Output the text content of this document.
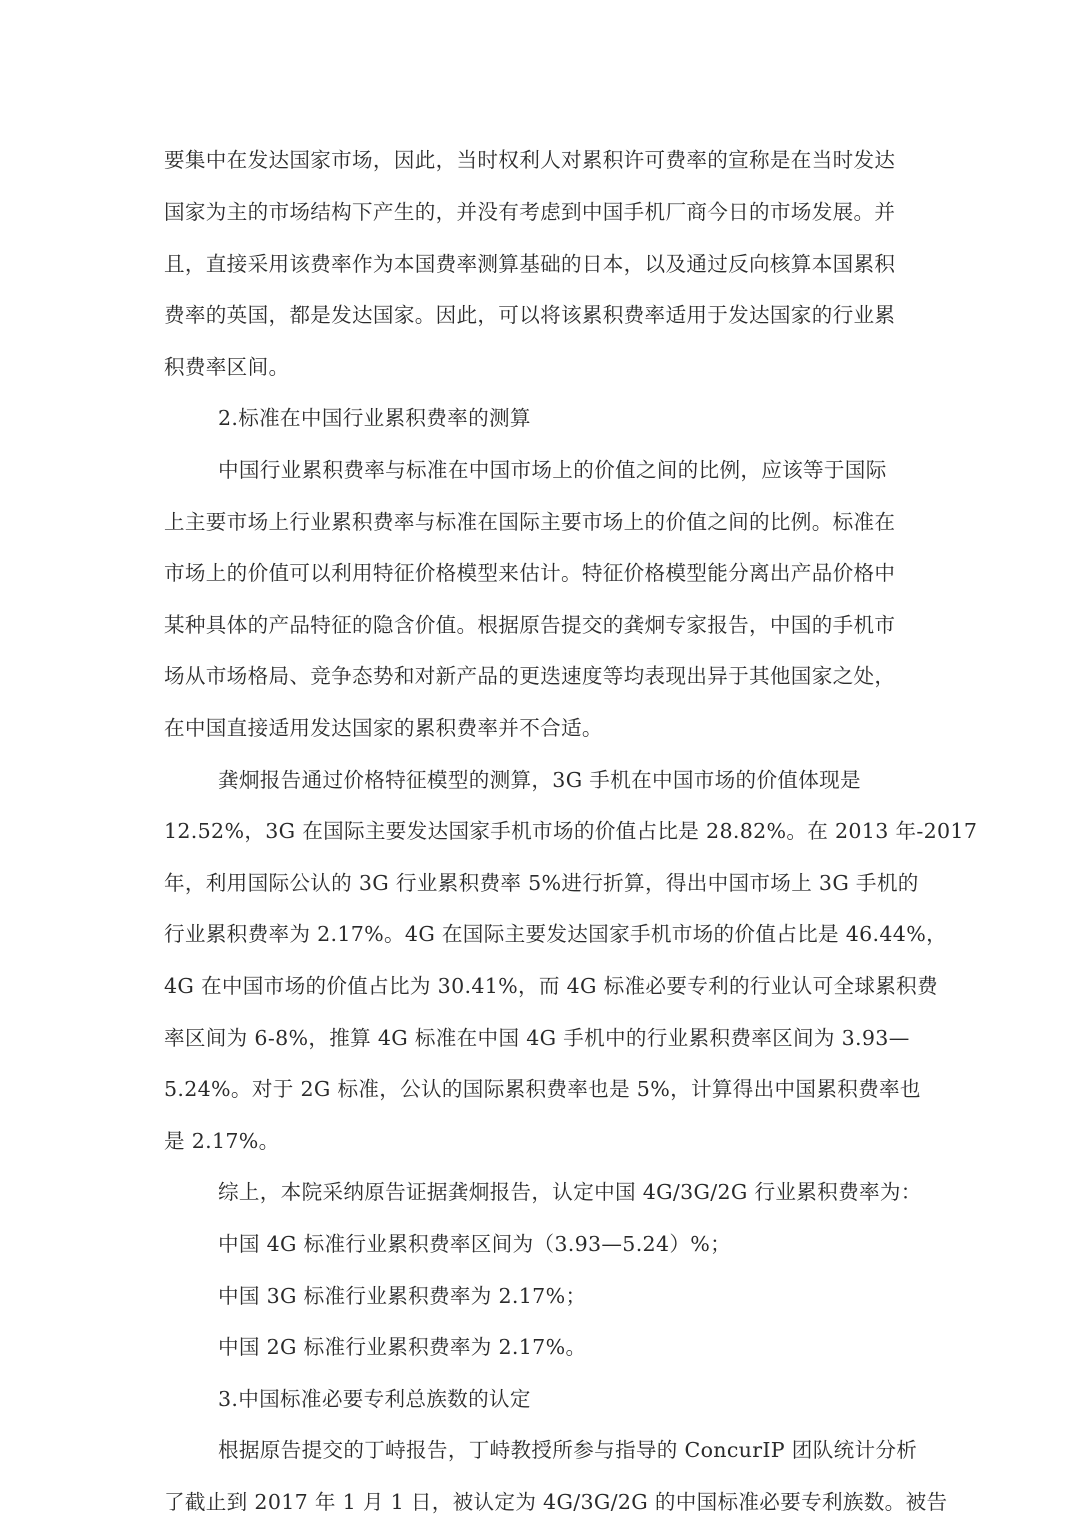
要集中在发达国家市场，因此，当时权利人对累积许可费率的宣称是在当时发达
国家为主的市场结构下产生的，并没有考虑到中国手机厂商今日的市场发展。并
且，直接采用该费率作为本国费率测算基础的日本，以及通过反向核算本国累积
费率的英国，都是发达国家。因此，可以将该累积费率适用于发达国家的行业累
积费率区间。
2.标准在中国行业累积费率的测算
中国行业累积费率与标准在中国市场上的价值之间的比例，应该等于国际
上主要市场上行业累积费率与标准在国际主要市场上的价值之间的比例。标准在
市场上的价值可以利用特征价格模型来估计。特征价格模型能分离出产品价格中
某种具体的产品特征的隐含价值。根据原告提交的龚炯专家报告，中国的手机市
场从市场格局、竞争态势和对新产品的更迭速度等均表现出异于其他国家之处，
在中国直接适用发达国家的累积费率并不合适。
龚炯报告通过价格特征模型的测算，3G 手机在中国市场的价值体现是
12.52%，3G 在国际主要发达国家手机市场的价值占比是 28.82%。在 2013 年-2017
年，利用国际公认的 3G 行业累积费率 5%进行折算，得出中国市场上 3G 手机的
行业累积费率为 2.17%。4G 在国际主要发达国家手机市场的价值占比是 46.44%，
4G 在中国市场的价值占比为 30.41%，而 4G 标准必要专利的行业认可全球累积费
率区间为 6-8%，推算 4G 标准在中国 4G 手机中的行业累积费率区间为 3.93—
5.24%。对于 2G 标准，公认的国际累积费率也是 5%，计算得出中国累积费率也
是 2.17%。
综上，本院采纳原告证据龚炯报告，认定中国 4G/3G/2G 行业累积费率为：
中国 4G 标准行业累积费率区间为（3.93—5.24）%；
中国 3G 标准行业累积费率为 2.17%；
中国 2G 标准行业累积费率为 2.17%。
3.中国标准必要专利总族数的认定
根据原告提交的丁峙报告，丁峙教授所参与指导的 ConcurIP 团队统计分析
了截止到 2017 年 1 月 1 日，被认定为 4G/3G/2G 的中国标准必要专利族数。被告
